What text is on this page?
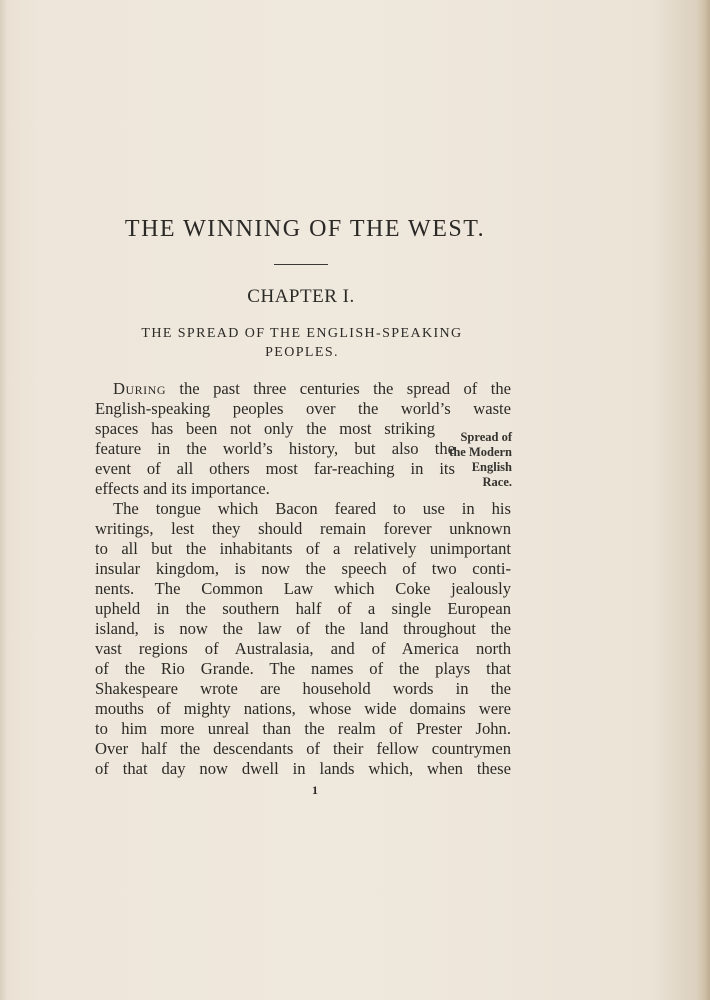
THE WINNING OF THE WEST.
CHAPTER I.
THE SPREAD OF THE ENGLISH-SPEAKING
PEOPLES.
During the past three centuries the spread of the
English-speaking peoples over the world’s waste
spaces has been not only the most striking
feature in the world’s history, but also the
event of all others most far-reaching in its
effects and its importance.
Spread of
the Modern
English
Race.
The tongue which Bacon feared to use in his
writings, lest they should remain forever unknown
to all but the inhabitants of a relatively unimportant
insular kingdom, is now the speech of two conti-
nents. The Common Law which Coke jealously
upheld in the southern half of a single European
island, is now the law of the land throughout the
vast regions of Australasia, and of America north
of the Rio Grande. The names of the plays that
Shakespeare wrote are household words in the
mouths of mighty nations, whose wide domains were
to him more unreal than the realm of Prester John.
Over half the descendants of their fellow countrymen
of that day now dwell in lands which, when these
1
